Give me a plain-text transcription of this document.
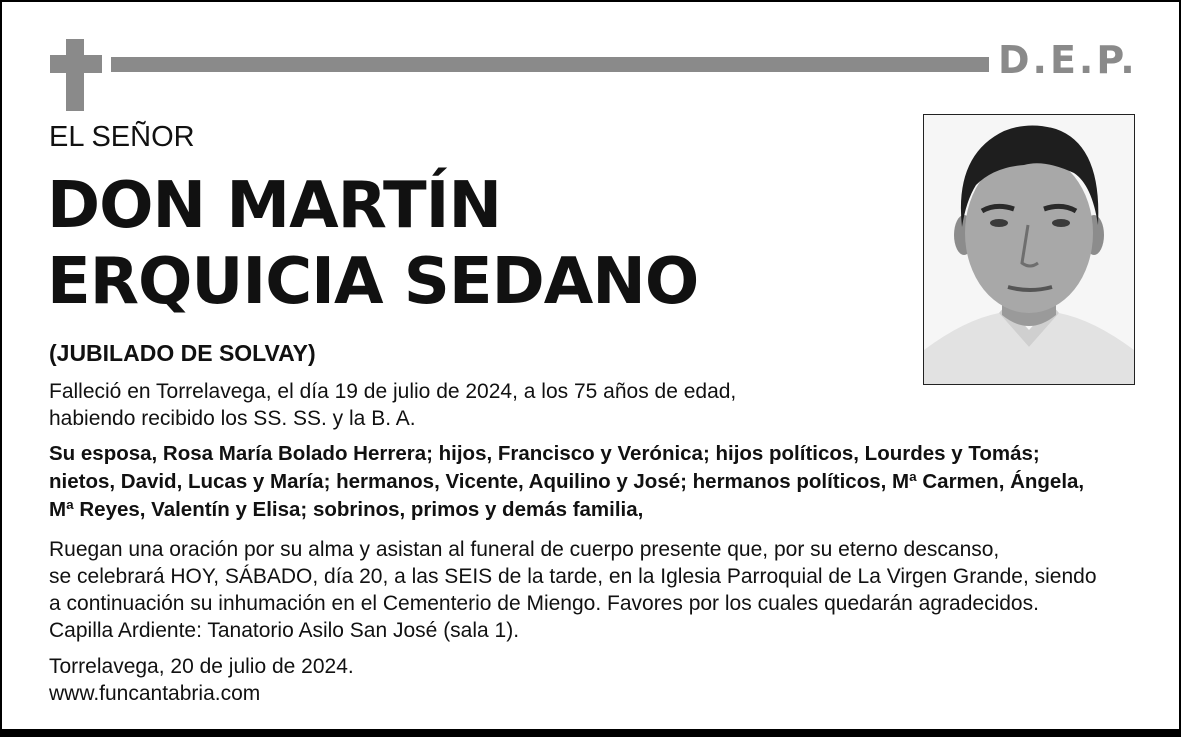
D.E.P.
EL SEÑOR
DON MARTÍN
ERQUICIA SEDANO
(JUBILADO DE SOLVAY)
Falleció en Torrelavega, el día 19 de julio de 2024, a los 75 años de edad,
habiendo recibido los SS. SS. y la B. A.
Su esposa, Rosa María Bolado Herrera; hijos, Francisco y Verónica; hijos políticos, Lourdes y Tomás;
nietos, David, Lucas y María; hermanos, Vicente, Aquilino y José; hermanos políticos, Mª Carmen, Ángela,
Mª Reyes, Valentín y Elisa; sobrinos, primos y demás familia,
Ruegan una oración por su alma y asistan al funeral de cuerpo presente que, por su eterno descanso,
se celebrará HOY, SÁBADO, día 20, a las SEIS de la tarde, en la Iglesia Parroquial de La Virgen Grande, siendo
a continuación su inhumación en el Cementerio de Miengo. Favores por los cuales quedarán agradecidos.
Capilla Ardiente: Tanatorio Asilo San José (sala 1).
Torrelavega, 20 de julio de 2024.
www.funcantabria.com
